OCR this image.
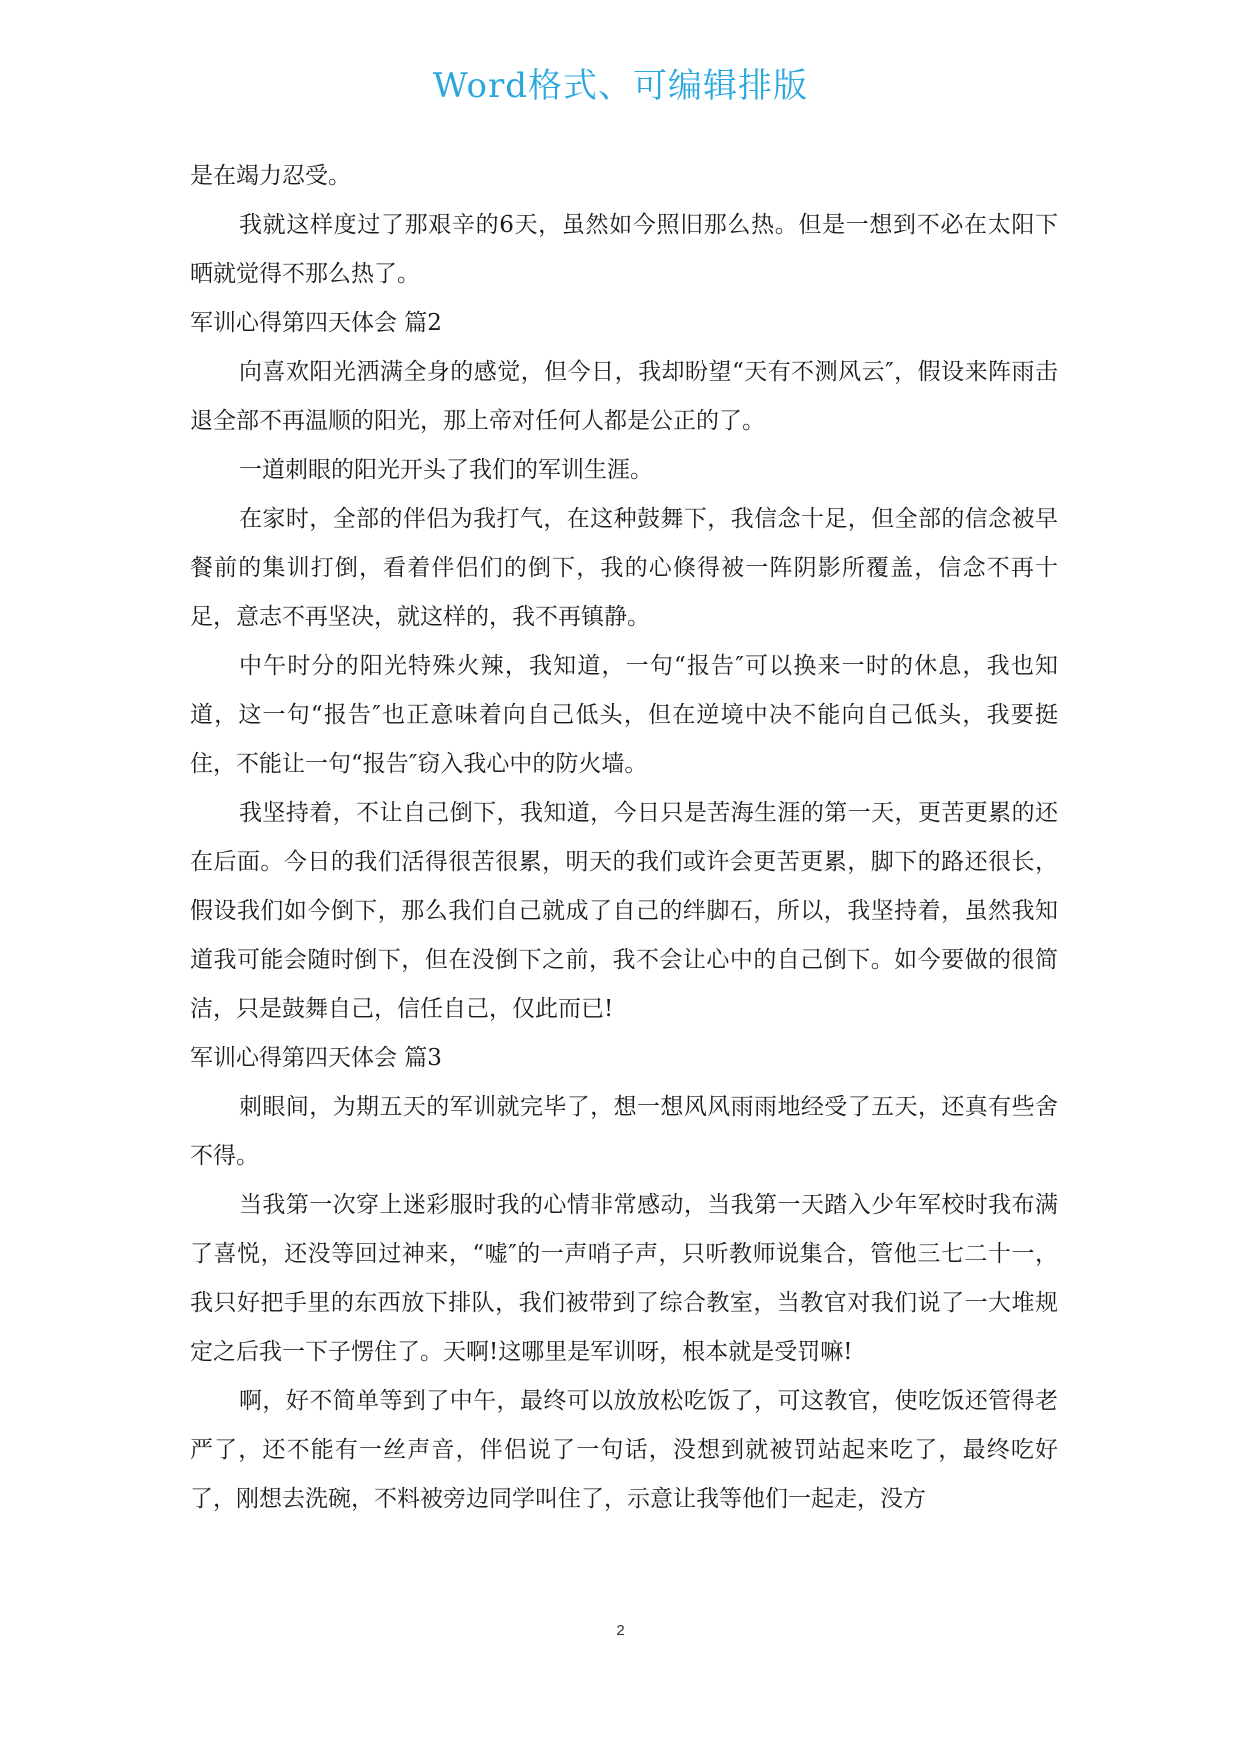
Word格式、可编辑排版

是在竭力忍受。

我就这样度过了那艰辛的6天，虽然如今照旧那么热。但是一想到不必在太阳下晒就觉得不那么热了。

军训心得第四天体会 篇2

向喜欢阳光洒满全身的感觉，但今日，我却盼望“天有不测风云″，假设来阵雨击退全部不再温顺的阳光，那上帝对任何人都是公正的了。

一道刺眼的阳光开头了我们的军训生涯。

在家时，全部的伴侣为我打气，在这种鼓舞下，我信念十足，但全部的信念被早餐前的集训打倒，看着伴侣们的倒下，我的心倏得被一阵阴影所覆盖，信念不再十足，意志不再坚决，就这样的，我不再镇静。

中午时分的阳光特殊火辣，我知道，一句“报告″可以换来一时的休息，我也知道，这一句“报告″也正意味着向自己低头，但在逆境中决不能向自己低头，我要挺住，不能让一句“报告″窃入我心中的防火墙。

我坚持着，不让自己倒下，我知道，今日只是苦海生涯的第一天，更苦更累的还在后面。今日的我们活得很苦很累，明天的我们或许会更苦更累，脚下的路还很长，假设我们如今倒下，那么我们自己就成了自己的绊脚石，所以，我坚持着，虽然我知道我可能会随时倒下，但在没倒下之前，我不会让心中的自己倒下。如今要做的很简洁，只是鼓舞自己，信任自己，仅此而已!

军训心得第四天体会 篇3

刺眼间，为期五天的军训就完毕了，想一想风风雨雨地经受了五天，还真有些舍不得。

当我第一次穿上迷彩服时我的心情非常感动，当我第一天踏入少年军校时我布满了喜悦，还没等回过神来，“嘘″的一声哨子声，只听教师说集合，管他三七二十一，我只好把手里的东西放下排队，我们被带到了综合教室，当教官对我们说了一大堆规定之后我一下子愣住了。天啊!这哪里是军训呀，根本就是受罚嘛!

啊，好不简单等到了中午，最终可以放放松吃饭了，可这教官，使吃饭还管得老严了，还不能有一丝声音，伴侣说了一句话，没想到就被罚站起来吃了，最终吃好了，刚想去洗碗，不料被旁边同学叫住了，示意让我等他们一起走，没方

2
